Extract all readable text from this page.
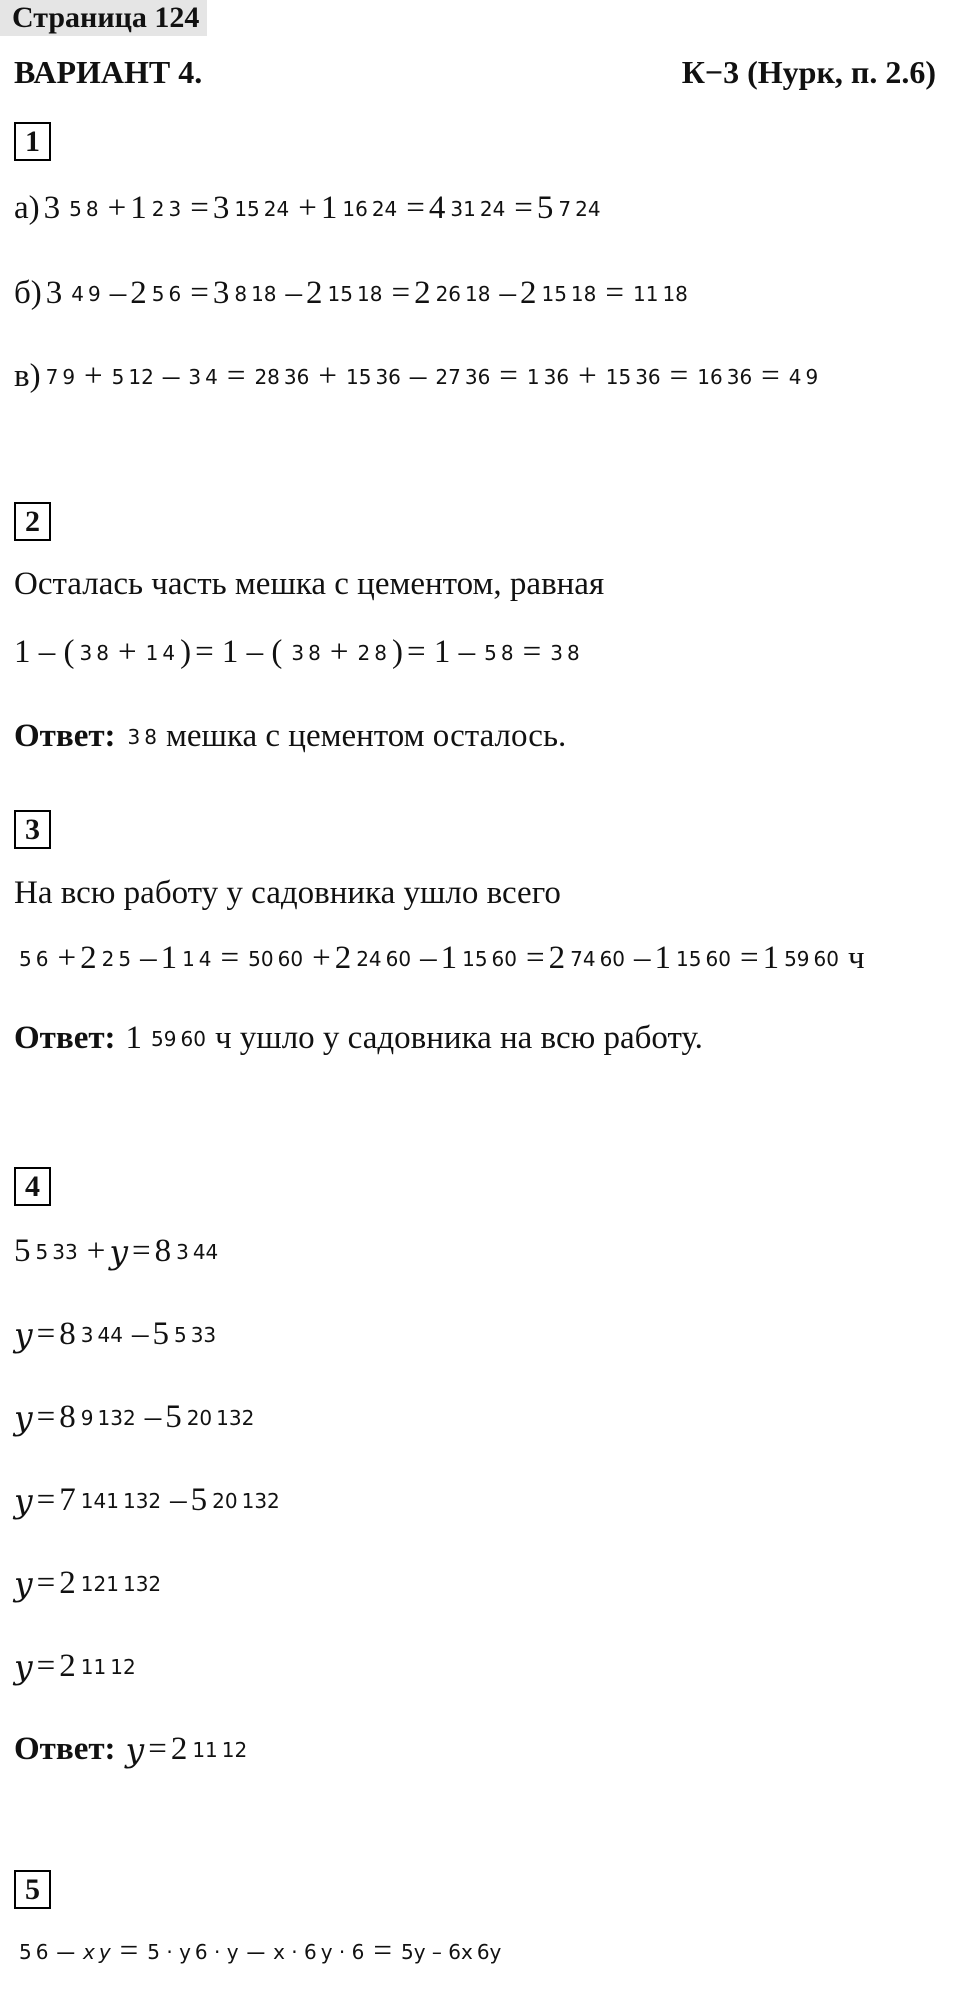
Страница 124
ВАРИАНТ 4.	К−3 (Нурк, п. 2.6)
1
а) 3 5 8 + 1 2 3 = 3 15 24 + 1 16 24 = 4 31 24 = 5 7 24
б) 3 4 9 – 2 5 6 = 3 8 18 – 2 15 18 = 2 26 18 – 2 15 18 = 11 18
в) 7 9 + 5 12 – 3 4 = 28 36 + 15 36 – 27 36 = 1 36 + 15 36 = 16 36 = 4 9
2
Осталась часть мешка с цементом, равная
1 – ( 3 8 + 1 4 ) = 1 – ( 3 8 + 2 8 ) = 1 – 5 8 = 3 8
Ответ: 3 8 мешка с цементом осталось.
3
На всю работу у садовника ушло всего
5 6 + 2 2 5 – 1 1 4 = 50 60 + 2 24 60 – 1 15 60 = 2 74 60 – 1 15 60 = 1 59 60 ч
Ответ: 1 59 60 ч ушло у садовника на всю работу.
4
5 5 33 + y = 8 3 44
y = 8 3 44 – 5 5 33
y = 8 9 132 – 5 20 132
y = 7 141 132 – 5 20 132
y = 2 121 132
y = 2 11 12
Ответ: y = 2 11 12
5
5 6 – x y = 5 · y 6 · y – x · 6 y · 6 = 5y – 6x 6y
